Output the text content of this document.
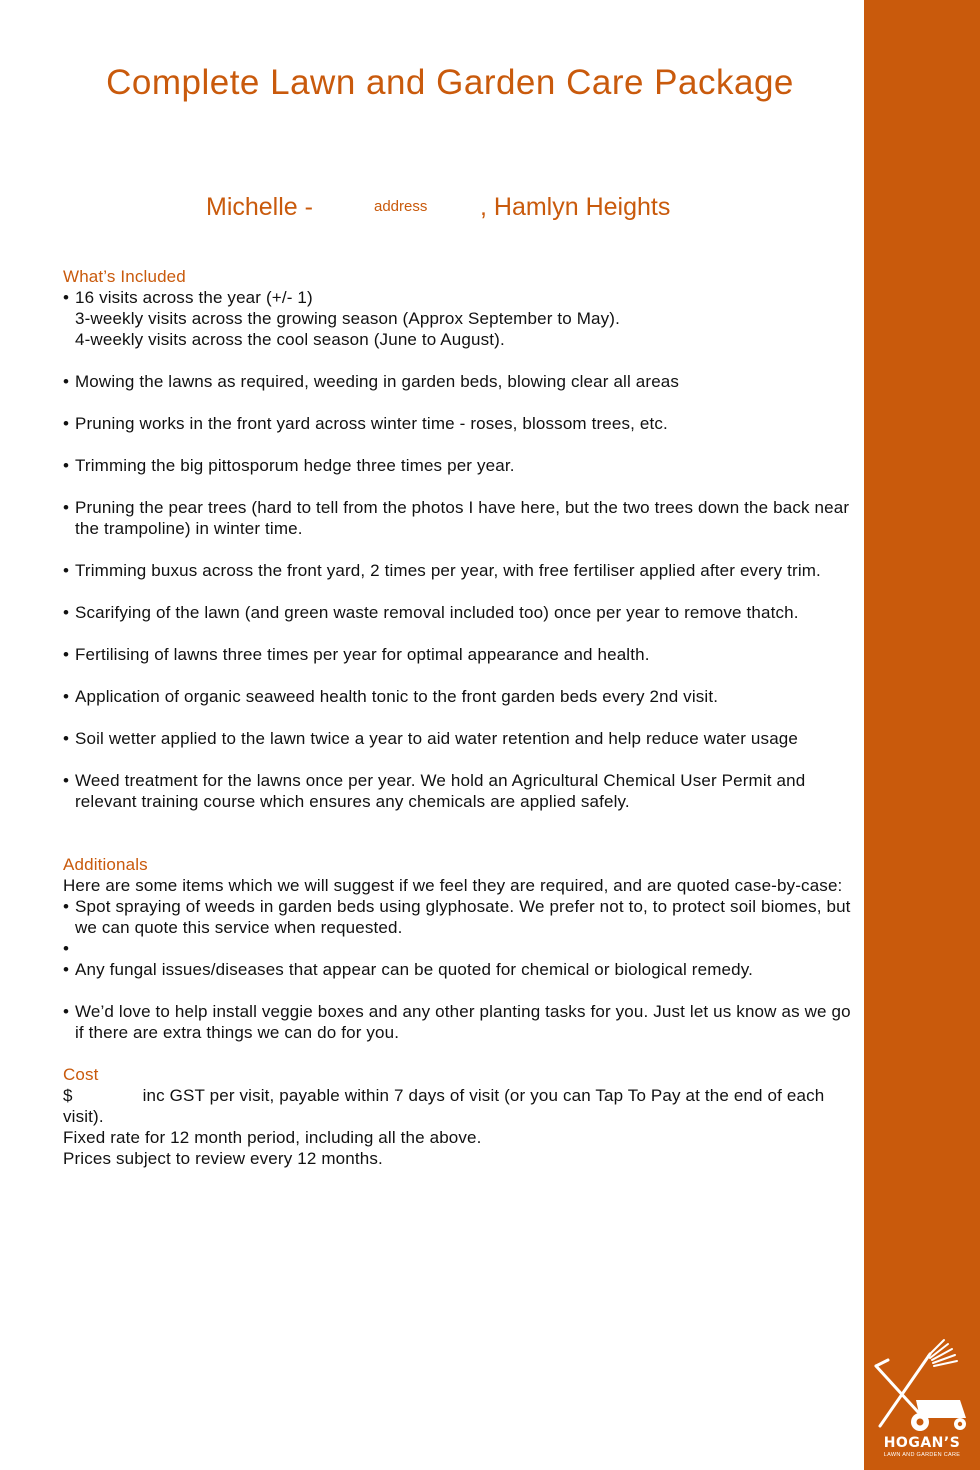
Complete Lawn and Garden Care Package
Michelle -	address , Hamlyn Heights

What’s Included

• 16 visits across the year (+/- 1)
3-weekly visits across the growing season (Approx September to May).
4-weekly visits across the cool season (June to August).
• Mowing the lawns as required, weeding in garden beds, blowing clear all areas
• Pruning works in the front yard across winter time - roses, blossom trees, etc.
• Trimming the big pittosporum hedge three times per year.
• Pruning the pear trees (hard to tell from the photos I have here, but the two trees down the back near the trampoline) in winter time.
• Trimming buxus across the front yard, 2 times per year, with free fertiliser applied after every trim.
• Scarifying of the lawn (and green waste removal included too) once per year to remove thatch.
• Fertilising of lawns three times per year for optimal appearance and health.
• Application of organic seaweed health tonic to the front garden beds every 2nd visit.
• Soil wetter applied to the lawn twice a year to aid water retention and help reduce water usage
• Weed treatment for the lawns once per year. We hold an Agricultural Chemical User Permit and relevant training course which ensures any chemicals are applied safely.

Additionals

Here are some items which we will suggest if we feel they are required, and are quoted case-by-case:

• Spot spraying of weeds in garden beds using glyphosate. We prefer not to, to protect soil biomes, but we can quote this service when requested.
•
• Any fungal issues/diseases that appear can be quoted for chemical or biological remedy.
• We’d love to help install veggie boxes and any other planting tasks for you. Just let us know as we go if there are extra things we can do for you.

Cost

$	inc GST per visit, payable within 7 days of visit (or you can Tap To Pay at the end of each visit).

Fixed rate for 12 month period, including all the above.

Prices subject to review every 12 months.

HOGAN’S
LAWN AND GARDEN CARE
